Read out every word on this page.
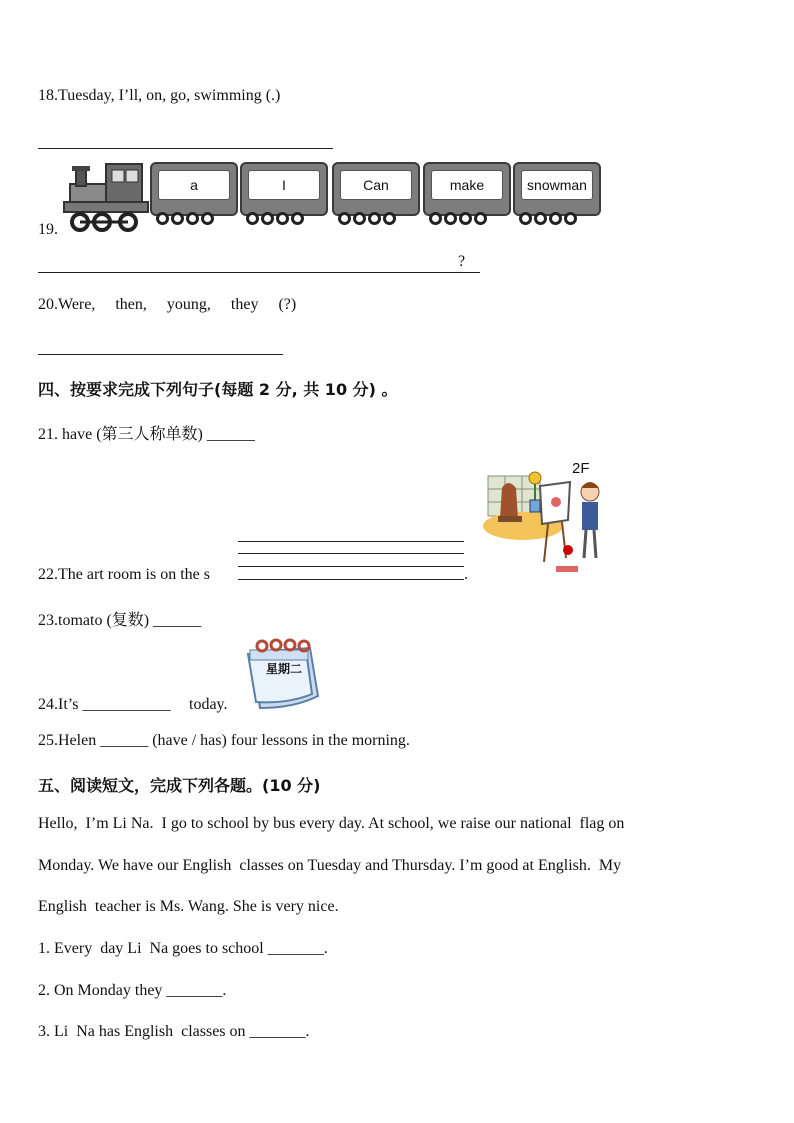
18.Tuesday, I’ll, on, go, swimming (.)
19.
a	I	Can	make	snowman
?
20.Were,     then,     young,     they     (?)
四、按要求完成下列句子(每题 2 分, 共 10 分) 。
21. have (第三人称单数) ______
22.The art room is on the s	.
2F
23.tomato (复数) ______
星期二
24.It’s ___________ today.
25.Helen ______ (have / has) four lessons in the morning.
五、阅读短文，完成下列各题。(10 分)
Hello,  I’m Li Na.  I go to school by bus every day. At school, we raise our national  flag on
Monday. We have our English  classes on Tuesday and Thursday. I’m good at English.  My
English  teacher is Ms. Wang. She is very nice.
1. Every  day Li  Na goes to school _______.
2. On Monday they _______.
3. Li  Na has English  classes on _______.
